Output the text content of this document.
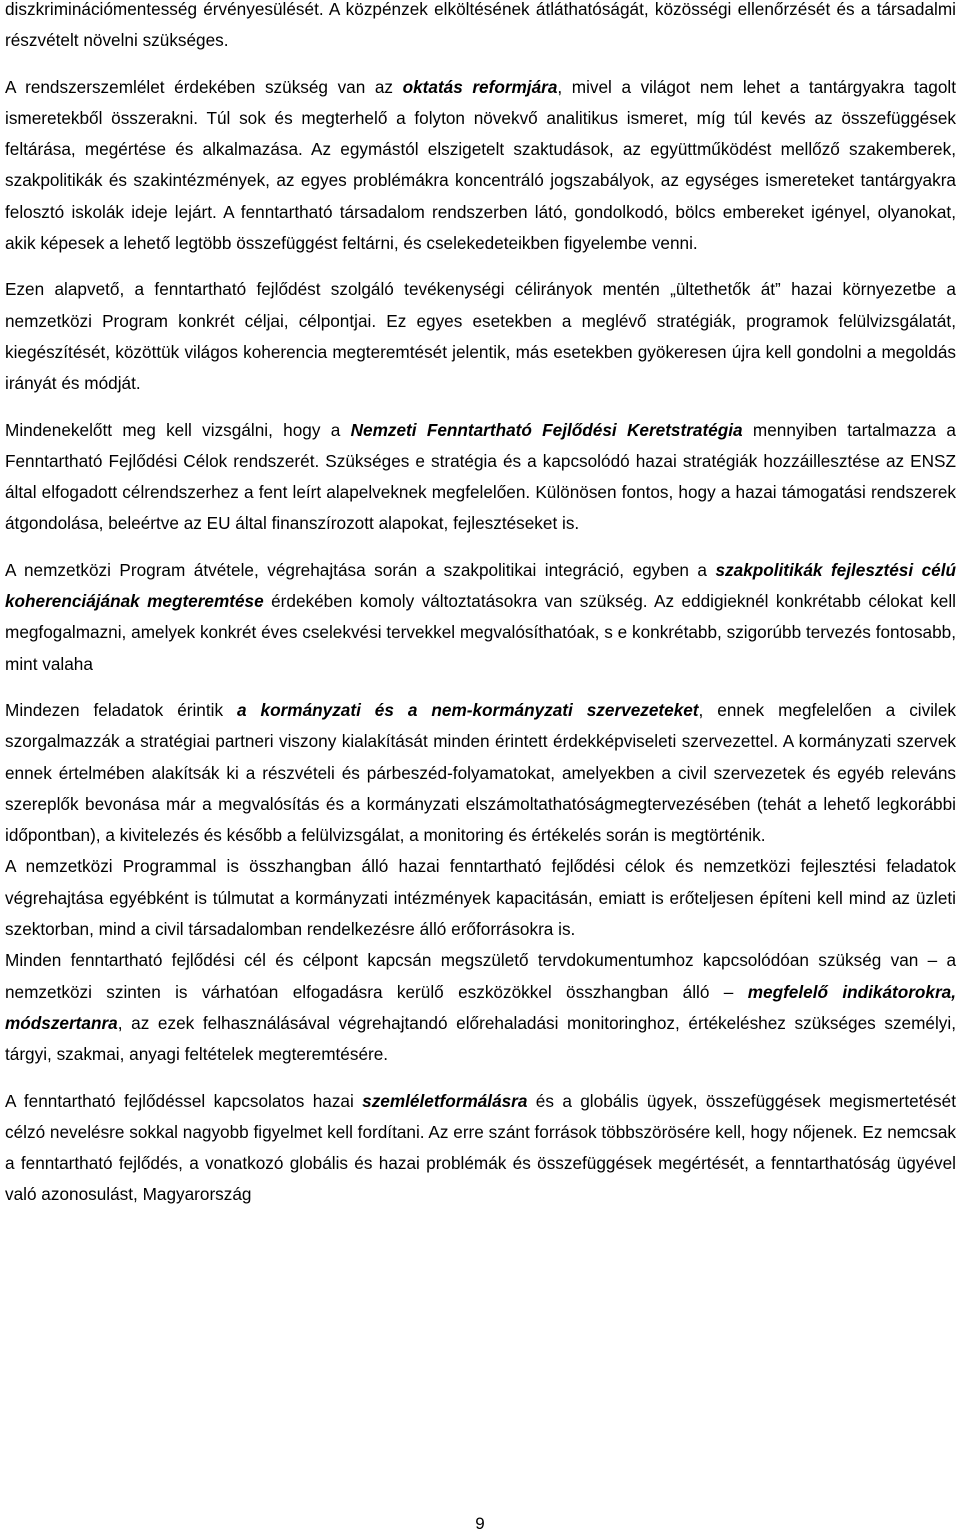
diszkriminációmentesség érvényesülését. A közpénzek elköltésének átláthatóságát, közösségi ellenőrzését és a társadalmi részvételt növelni szükséges.

A rendszerszemlélet érdekében szükség van az oktatás reformjára, mivel a világot nem lehet a tantárgyakra tagolt ismeretekből összerakni. Túl sok és megterhelő a folyton növekvő analitikus ismeret, míg túl kevés az összefüggések feltárása, megértése és alkalmazása. Az egymástól elszigetelt szaktudások, az együttműködést mellőző szakemberek, szakpolitikák és szakintézmények, az egyes problémákra koncentráló jogszabályok, az egységes ismereteket tantárgyakra felosztó iskolák ideje lejárt. A fenntartható társadalom rendszerben látó, gondolkodó, bölcs embereket igényel, olyanokat, akik képesek a lehető legtöbb összefüggést feltárni, és cselekedeteikben figyelembe venni.

Ezen alapvető, a fenntartható fejlődést szolgáló tevékenységi célirányok mentén „ültethetők át” hazai környezetbe a nemzetközi Program konkrét céljai, célpontjai. Ez egyes esetekben a meglévő stratégiák, programok felülvizsgálatát, kiegészítését, közöttük világos koherencia megteremtését jelentik, más esetekben gyökeresen újra kell gondolni a megoldás irányát és módját.

Mindenekelőtt meg kell vizsgálni, hogy a Nemzeti Fenntartható Fejlődési Keretstratégia mennyiben tartalmazza a Fenntartható Fejlődési Célok rendszerét. Szükséges e stratégia és a kapcsolódó hazai stratégiák hozzáillesztése az ENSZ által elfogadott célrendszerhez a fent leírt alapelveknek megfelelően. Különösen fontos, hogy a hazai támogatási rendszerek átgondolása, beleértve az EU által finanszírozott alapokat, fejlesztéseket is.

A nemzetközi Program átvétele, végrehajtása során a szakpolitikai integráció, egyben a szakpolitikák fejlesztési célú koherenciájának megteremtése érdekében komoly változtatásokra van szükség. Az eddigieknél konkrétabb célokat kell megfogalmazni, amelyek konkrét éves cselekvési tervekkel megvalósíthatóak, s e konkrétabb, szigorúbb tervezés fontosabb, mint valaha

Mindezen feladatok érintik a kormányzati és a nem-kormányzati szervezeteket, ennek megfelelően a civilek szorgalmazzák a stratégiai partneri viszony kialakítását minden érintett érdekképviseleti szervezettel. A kormányzati szervek ennek értelmében alakítsák ki a részvételi és párbeszéd-folyamatokat, amelyekben a civil szervezetek és egyéb releváns szereplők bevonása már a megvalósítás és a kormányzati elszámoltathatóságmegtervezésében (tehát a lehető legkorábbi időpontban), a kivitelezés és később a felülvizsgálat, a monitoring és értékelés során is megtörténik.

A nemzetközi Programmal is összhangban álló hazai fenntartható fejlődési célok és nemzetközi fejlesztési feladatok végrehajtása egyébként is túlmutat a kormányzati intézmények kapacitásán, emiatt is erőteljesen építeni kell mind az üzleti szektorban, mind a civil társadalomban rendelkezésre álló erőforrásokra is.

Minden fenntartható fejlődési cél és célpont kapcsán megszülető tervdokumentumhoz kapcsolódóan szükség van – a nemzetközi szinten is várhatóan elfogadásra kerülő eszközökkel összhangban álló – megfelelő indikátorokra, módszertanra, az ezek felhasználásával végrehajtandó előrehaladási monitoringhoz, értékeléshez szükséges személyi, tárgyi, szakmai, anyagi feltételek megteremtésére.

A fenntartható fejlődéssel kapcsolatos hazai szemléletformálásra és a globális ügyek, összefüggések megismertetését célzó nevelésre sokkal nagyobb figyelmet kell fordítani. Az erre szánt források többszörösére kell, hogy nőjenek. Ez nemcsak a fenntartható fejlődés, a vonatkozó globális és hazai problémák és összefüggések megértését, a fenntarthatóság ügyével való azonosulást, Magyarország

9
